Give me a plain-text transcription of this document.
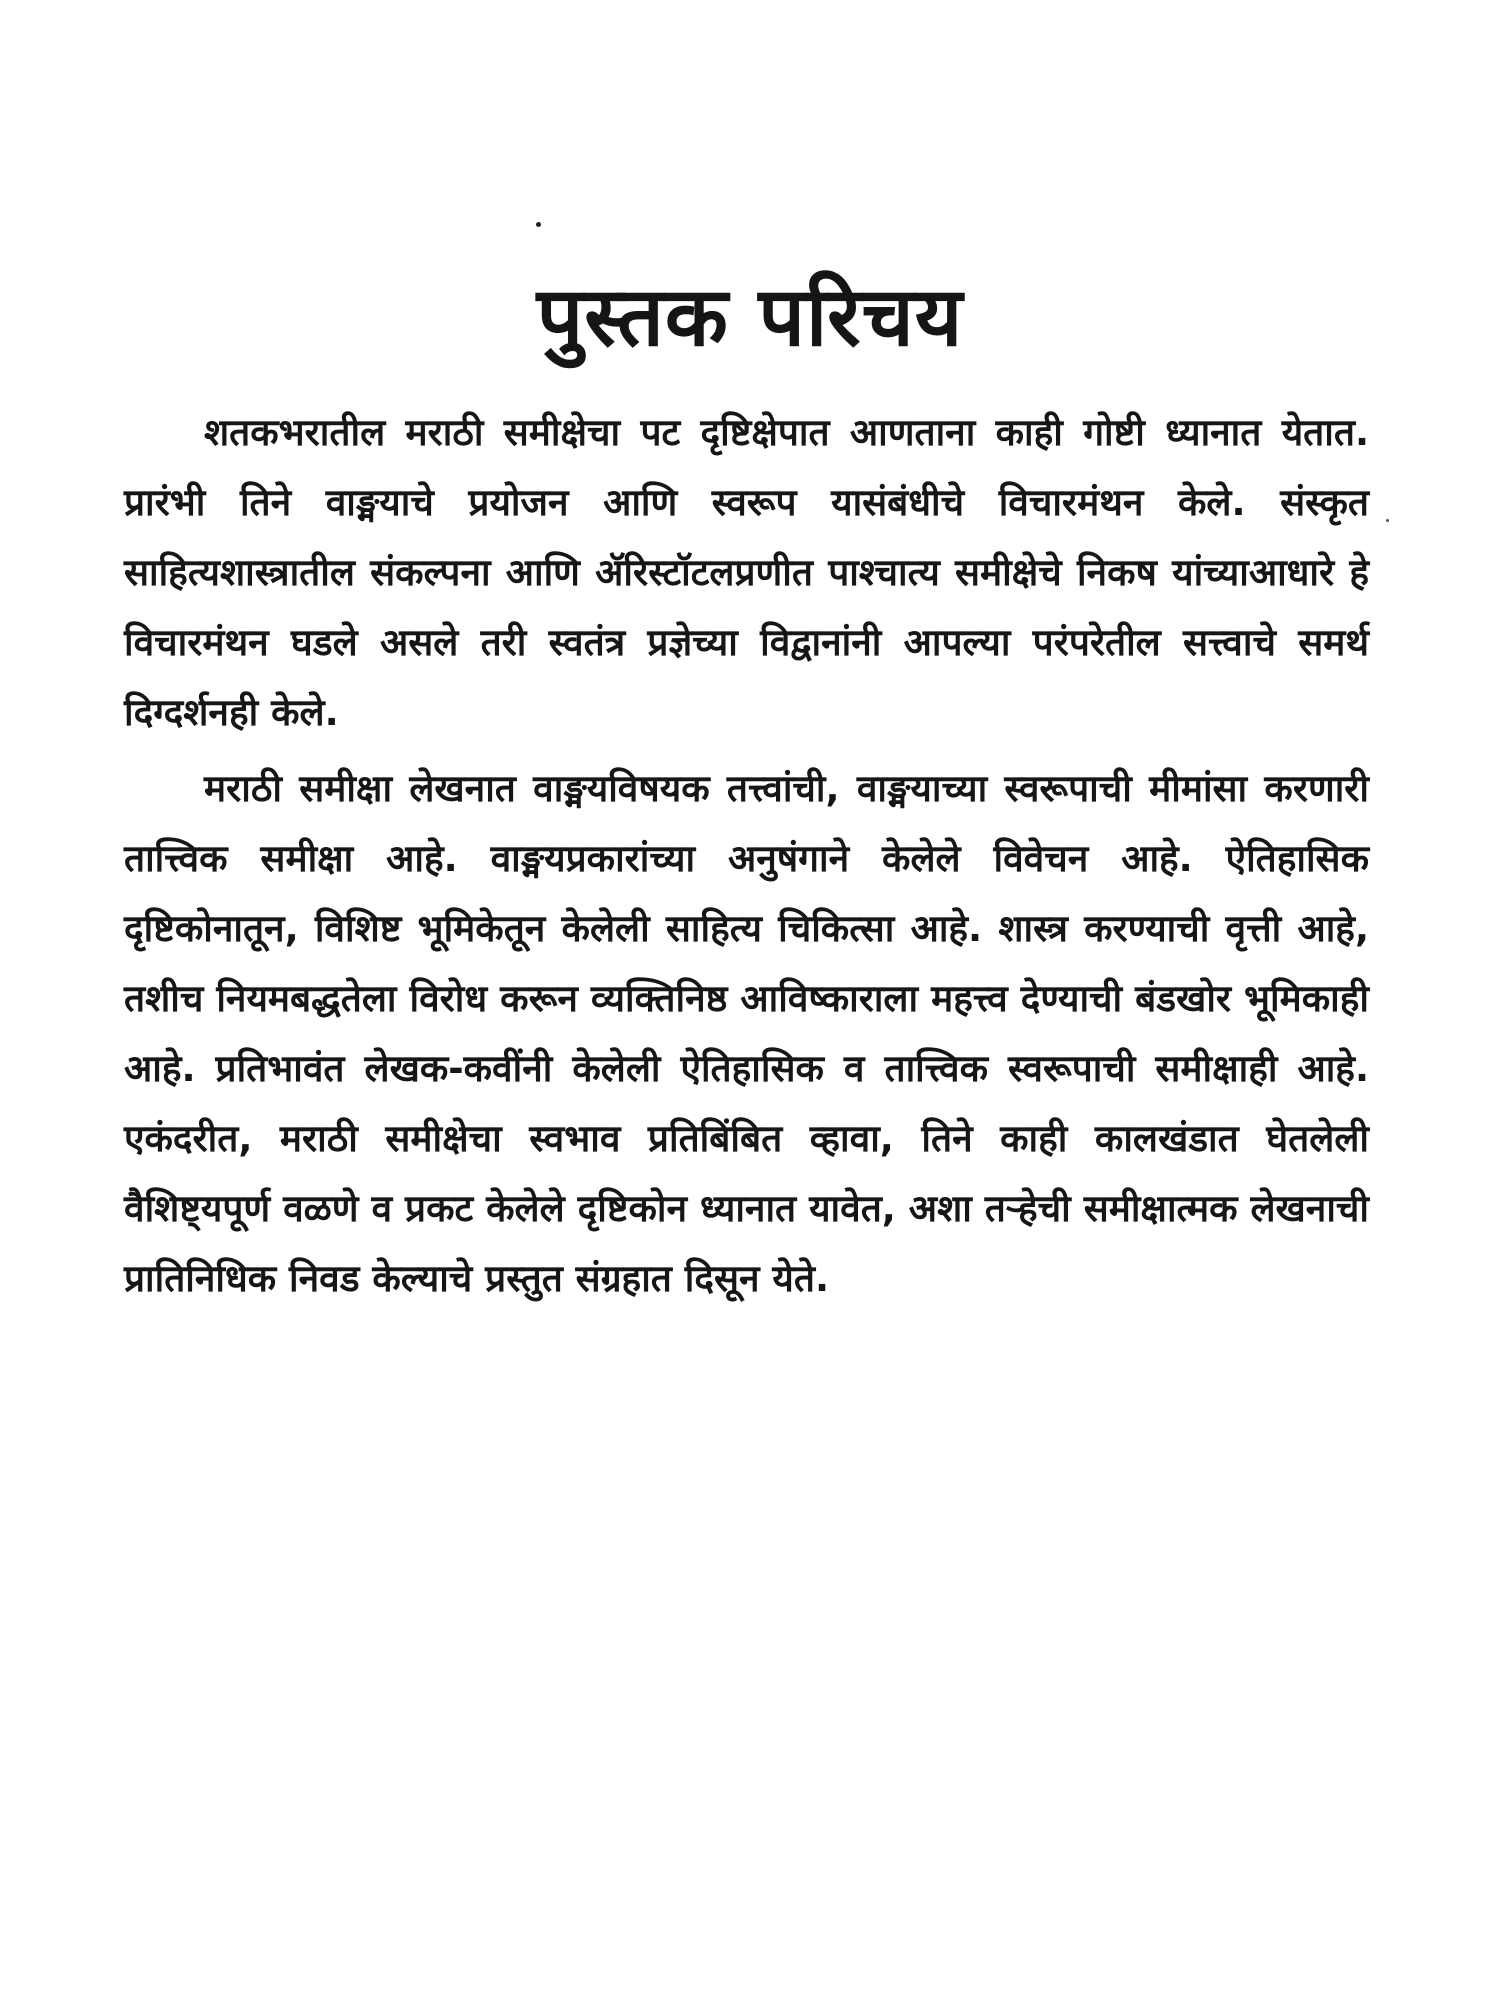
पुस्तक परिचय

शतकभरातील मराठी समीक्षेचा पट दृष्टिक्षेपात आणताना काही गोष्टी ध्यानात येतात. प्रारंभी तिने वाङ्मयाचे प्रयोजन आणि स्वरूप यासंबंधीचे विचारमंथन केले. संस्कृत साहित्यशास्त्रातील संकल्पना आणि ॲरिस्टॉटलप्रणीत पाश्चात्य समीक्षेचे निकष यांच्याआधारे हे विचारमंथन घडले असले तरी स्वतंत्र प्रज्ञेच्या विद्वानांनी आपल्या परंपरेतील सत्त्वाचे समर्थ दिग्दर्शनही केले.

मराठी समीक्षा लेखनात वाङ्मयविषयक तत्त्वांची, वाङ्मयाच्या स्वरूपाची मीमांसा करणारी तात्त्विक समीक्षा आहे. वाङ्मयप्रकारांच्या अनुषंगाने केलेले विवेचन आहे. ऐतिहासिक दृष्टिकोनातून, विशिष्ट भूमिकेतून केलेली साहित्य चिकित्सा आहे. शास्त्र करण्याची वृत्ती आहे, तशीच नियमबद्धतेला विरोध करून व्यक्तिनिष्ठ आविष्काराला महत्त्व देण्याची बंडखोर भूमिकाही आहे. प्रतिभावंत लेखक-कवींनी केलेली ऐतिहासिक व तात्त्विक स्वरूपाची समीक्षाही आहे. एकंदरीत, मराठी समीक्षेचा स्वभाव प्रतिबिंबित व्हावा, तिने काही कालखंडात घेतलेली वैशिष्ट्यपूर्ण वळणे व प्रकट केलेले दृष्टिकोन ध्यानात यावेत, अशा तऱ्हेची समीक्षात्मक लेखनाची प्रातिनिधिक निवड केल्याचे प्रस्तुत संग्रहात दिसून येते.
